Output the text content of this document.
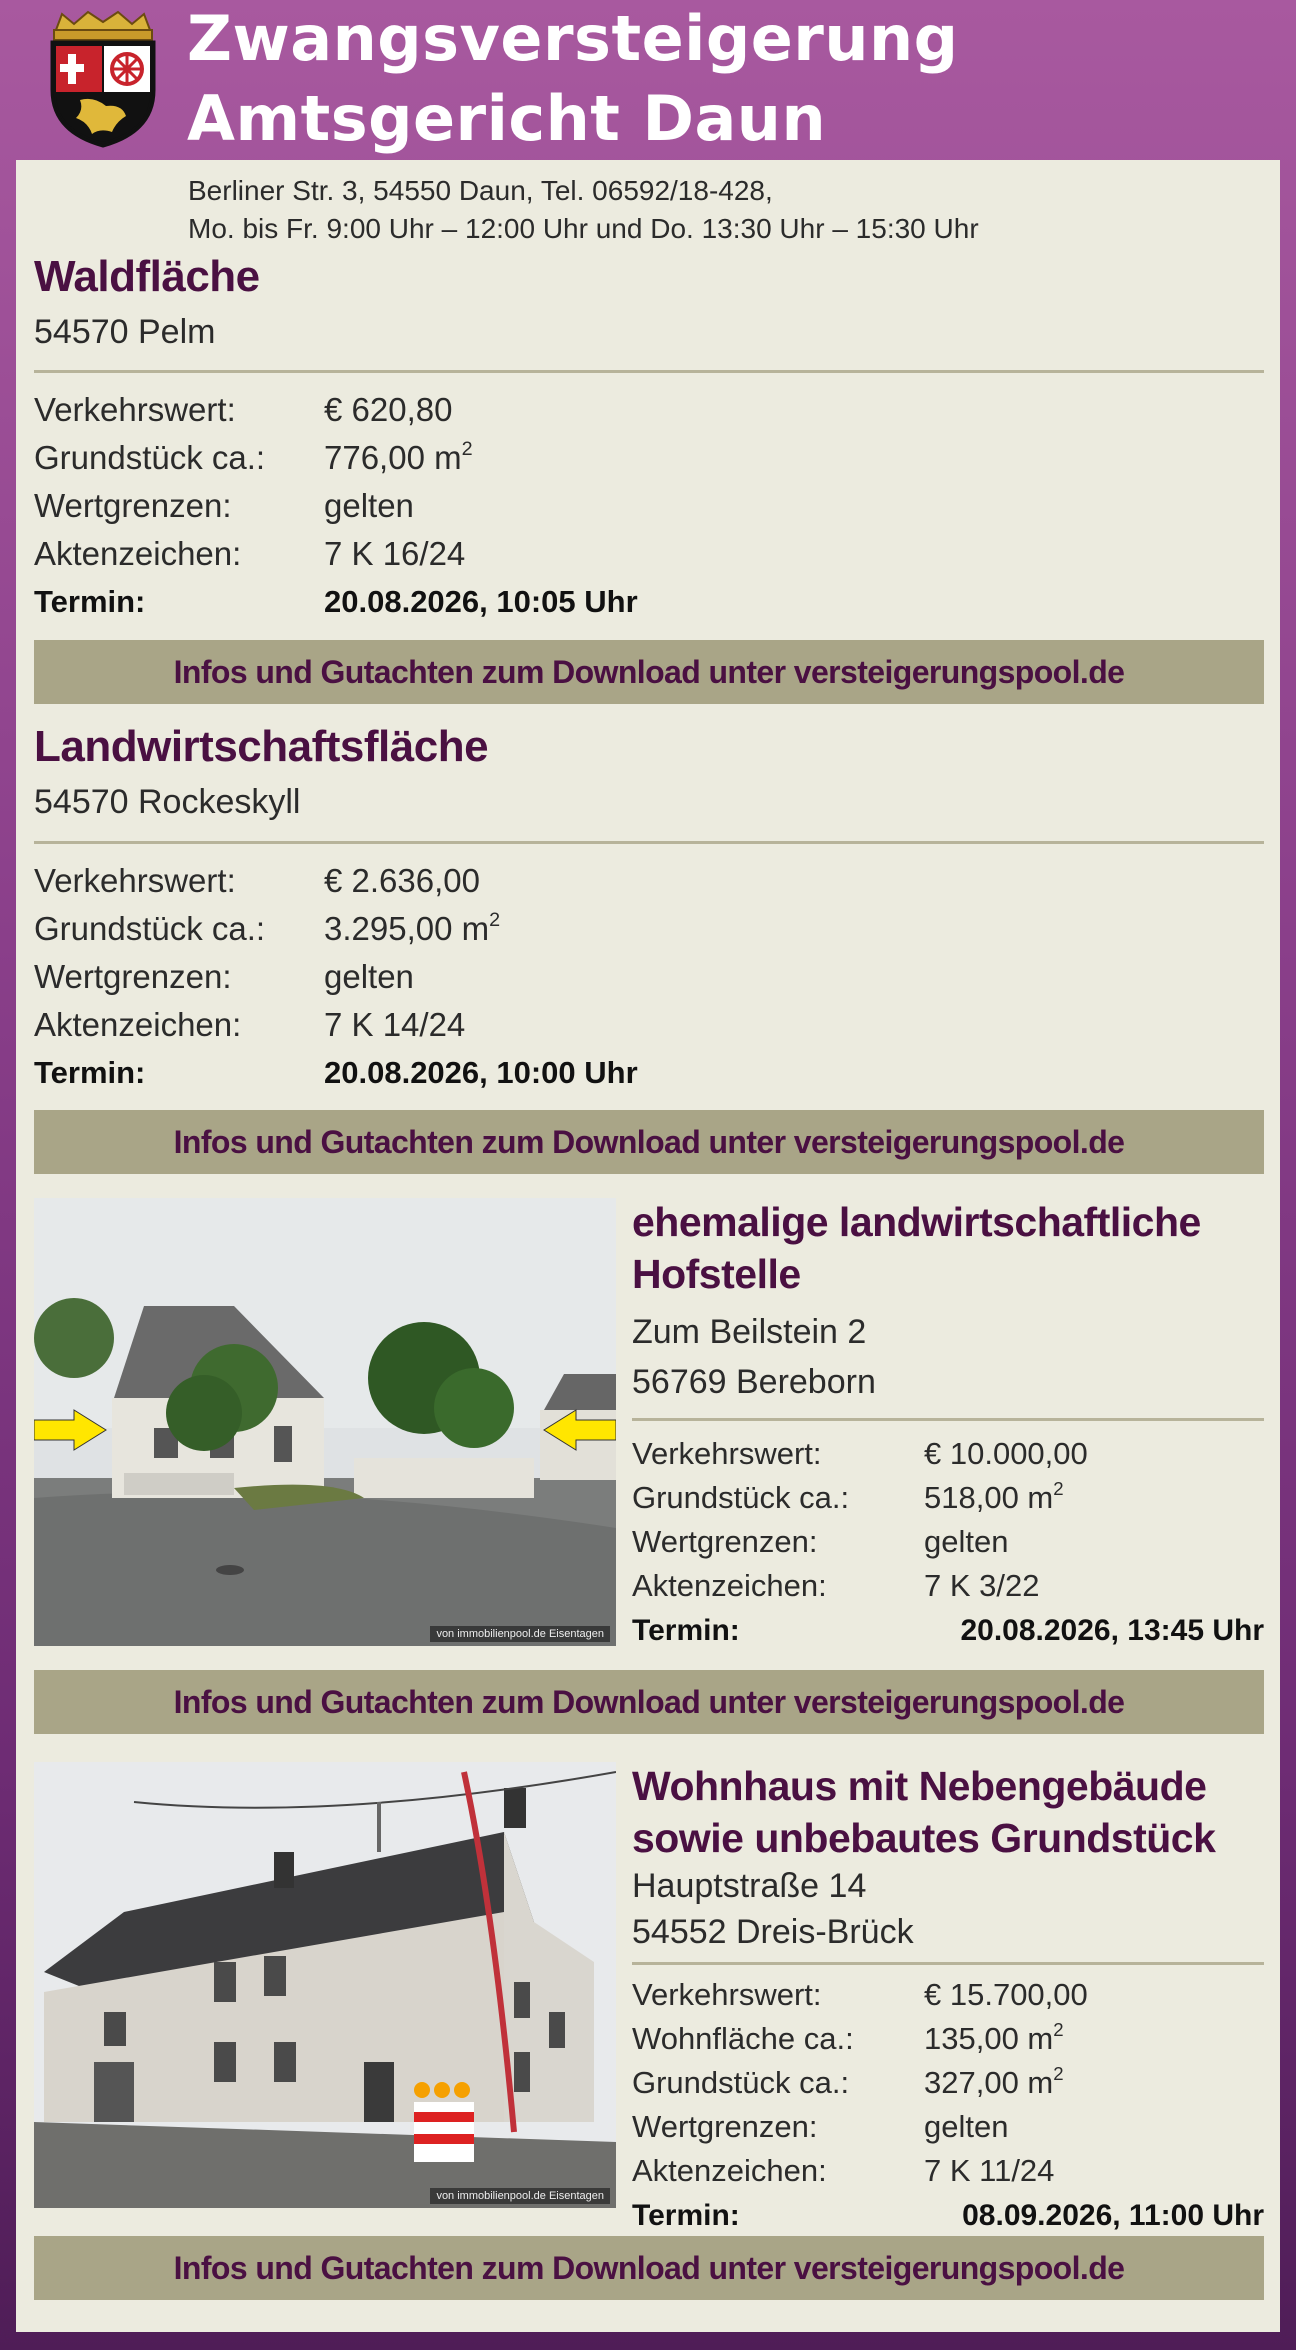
Zwangsversteigerung
Amtsgericht Daun
Berliner Str. 3, 54550 Daun, Tel. 06592/18-428,
Mo. bis Fr. 9:00 Uhr – 12:00 Uhr und Do. 13:30 Uhr – 15:30 Uhr
Waldfläche
54570 Pelm
Verkehrswert:	€ 620,80
Grundstück ca.:	776,00 $m^2$
Wertgrenzen:	gelten
Aktenzeichen:	7 K 16/24
Termin:	20.08.2026, 10:05 Uhr
Infos und Gutachten zum Download unter versteigerungspool.de
Landwirtschaftsfläche
54570 Rockeskyll
Verkehrswert:	€ 2.636,00
Grundstück ca.:	3.295,00 $m^2$
Wertgrenzen:	gelten
Aktenzeichen:	7 K 14/24
Termin:	20.08.2026, 10:00 Uhr
Infos und Gutachten zum Download unter versteigerungspool.de
von immobilienpool.de Eisentagen
ehemalige landwirtschaftliche
Hofstelle
Zum Beilstein 2
56769 Bereborn
Verkehrswert:	€ 10.000,00
Grundstück ca.:	518,00 $m^2$
Wertgrenzen:	gelten
Aktenzeichen:	7 K 3/22
Termin:	20.08.2026, 13:45 Uhr
Infos und Gutachten zum Download unter versteigerungspool.de
von immobilienpool.de Eisentagen
Wohnhaus mit Nebengebäude
sowie unbebautes Grundstück
Hauptstraße 14
54552 Dreis-Brück
Verkehrswert:	€ 15.700,00
Wohnfläche ca.:	135,00 $m^2$
Grundstück ca.:	327,00 $m^2$
Wertgrenzen:	gelten
Aktenzeichen:	7 K 11/24
Termin:	08.09.2026, 11:00 Uhr
Infos und Gutachten zum Download unter versteigerungspool.de
